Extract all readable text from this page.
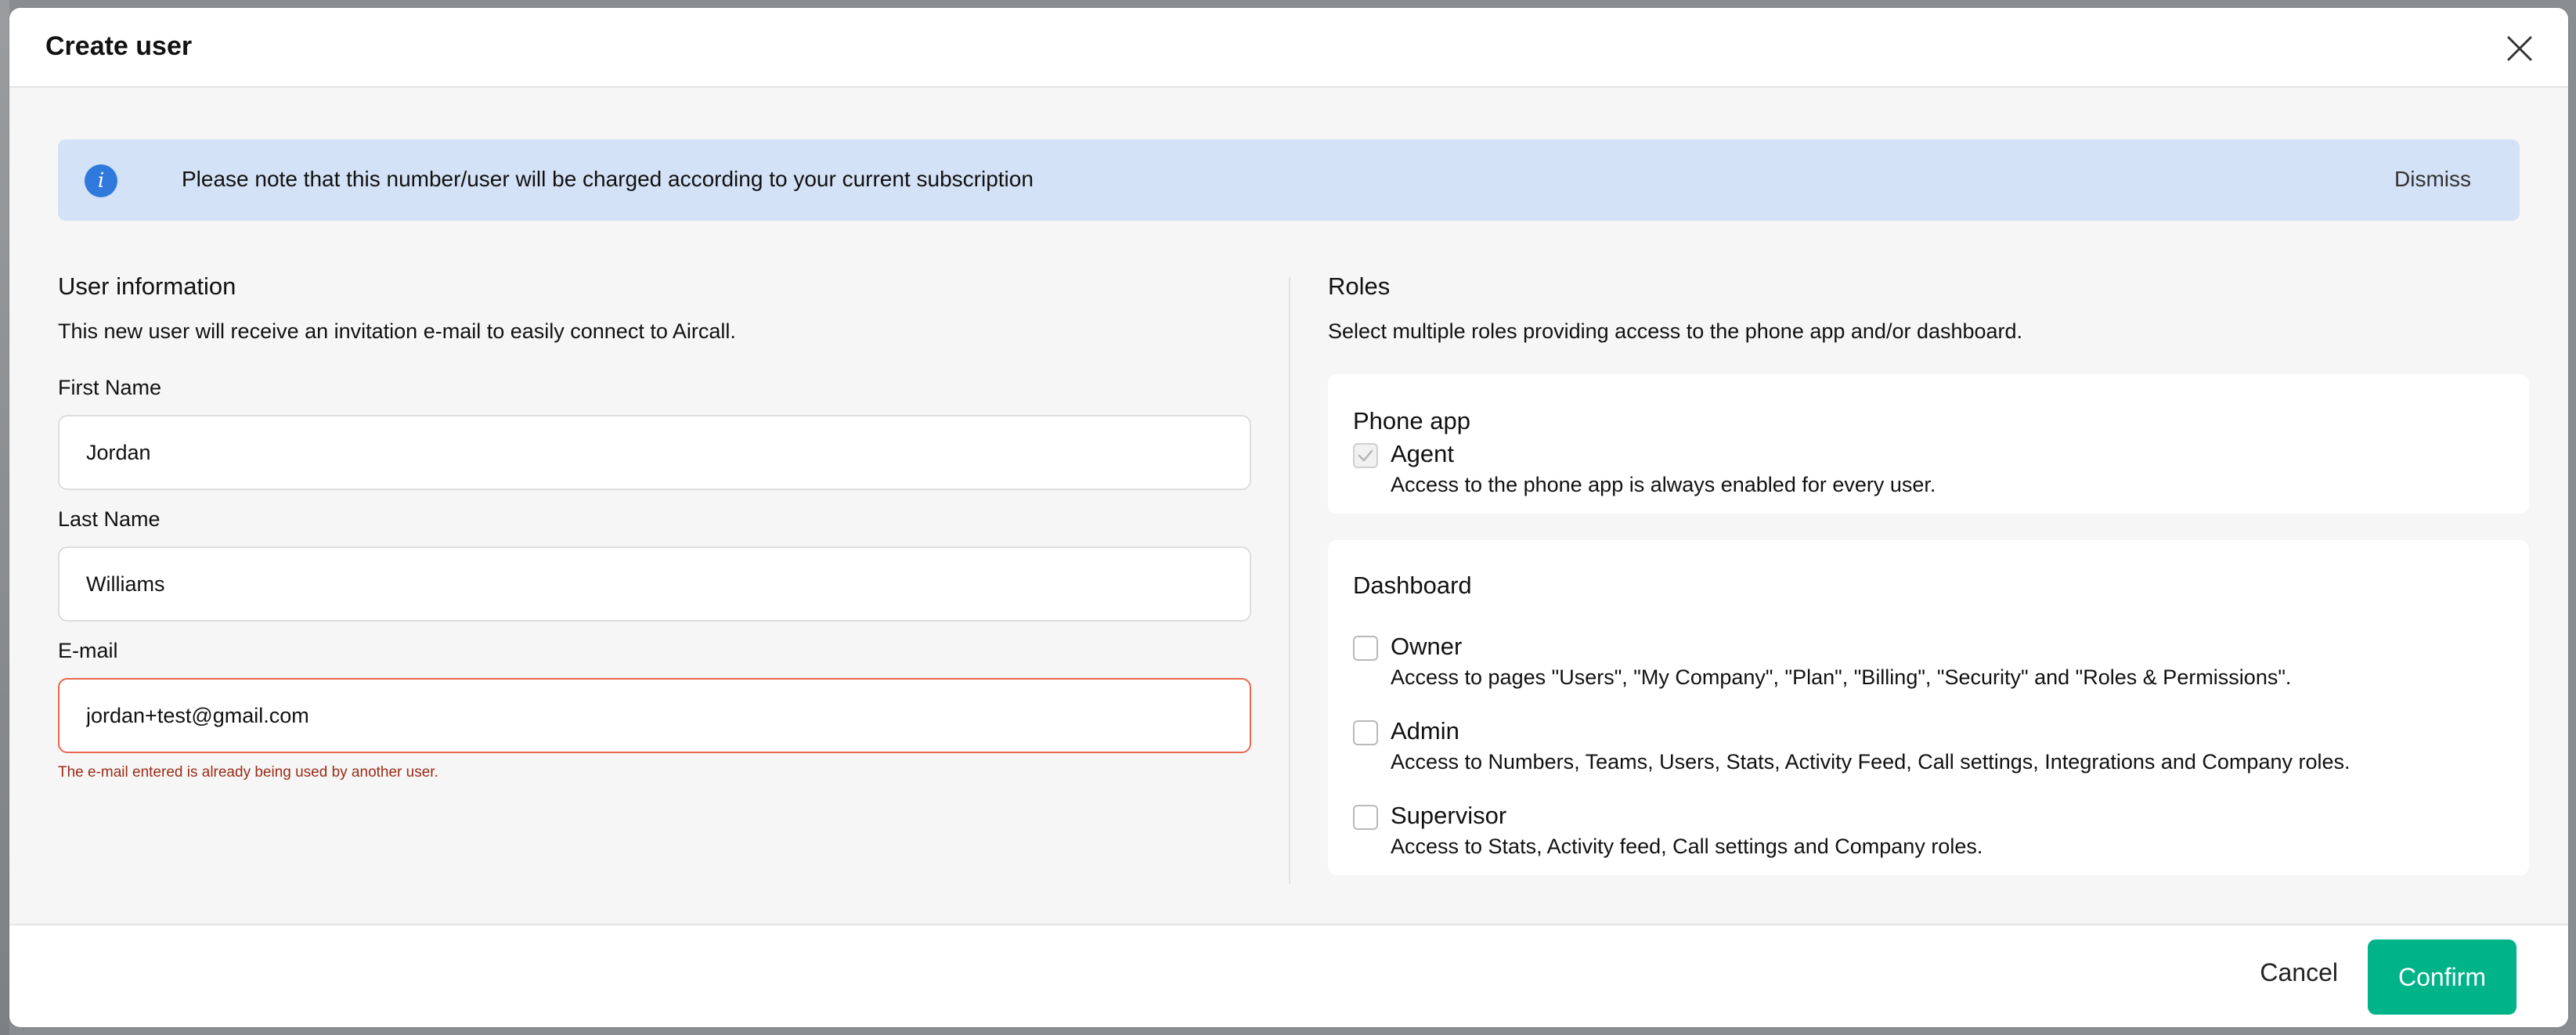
Create user
i	Please note that this number/user will be charged according to your current subscription	Dismiss
User information
This new user will receive an invitation e-mail to easily connect to Aircall.
First Name
Jordan
Last Name
Williams
E-mail
jordan+test@gmail.com
The e-mail entered is already being used by another user.
Roles
Select multiple roles providing access to the phone app and/or dashboard.
Phone app
Agent
Access to the phone app is always enabled for every user.
Dashboard
Owner
Access to pages "Users", "My Company", "Plan", "Billing", "Security" and "Roles & Permissions".
Admin
Access to Numbers, Teams, Users, Stats, Activity Feed, Call settings, Integrations and Company roles.
Supervisor
Access to Stats, Activity feed, Call settings and Company roles.
Cancel	Confirm
